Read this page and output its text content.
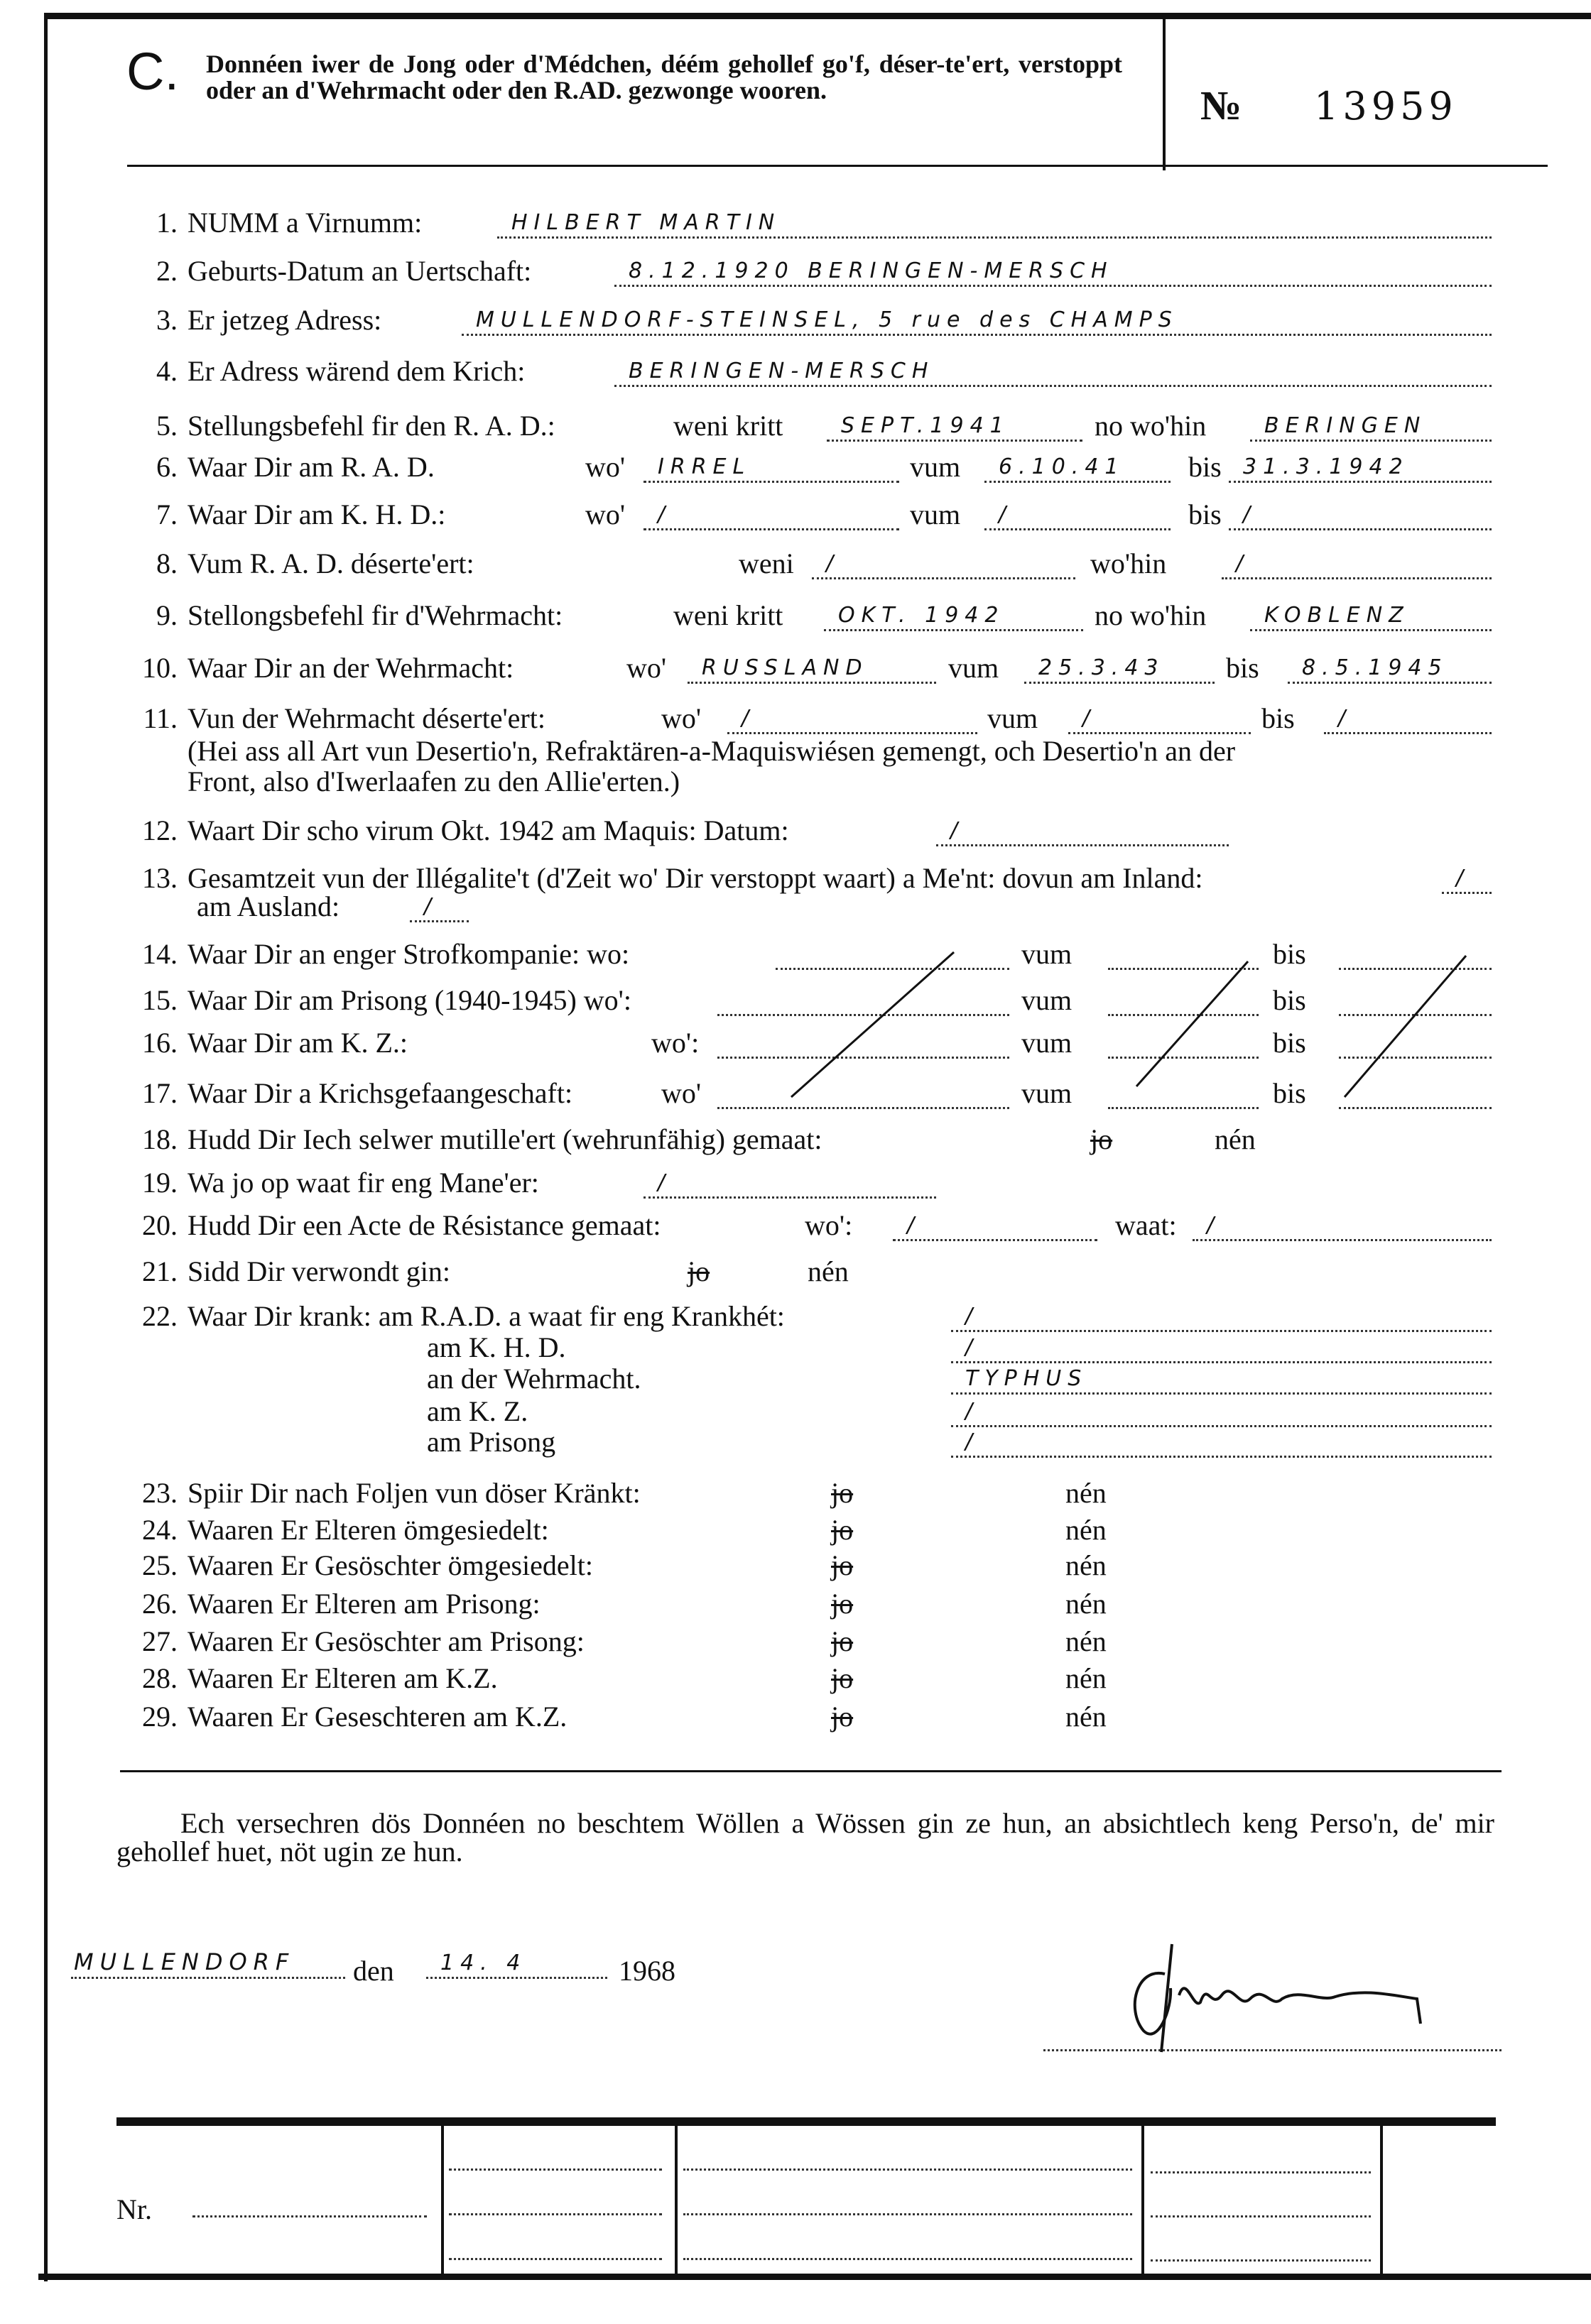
C. Donnéen iwer de Jong oder d'Médchen, déém gehollef go'f, déser-te'ert, verstoppt oder an d'Wehrmacht oder den R.AD. gezwonge wooren.	№ 13959
1. NUMM a Virnumm:	HILBERT MARTIN
2. Geburts-Datum an Uertschaft:	8.12.1920 BERINGEN-MERSCH
3. Er jetzeg Adress:	MULLENDORF-STEINSEL, 5 rue des CHAMPS
4. Er Adress wärend dem Krich:	BERINGEN-MERSCH
5. Stellungsbefehl fir den R. A. D.:	weni kritt	SEPT.1941	no wo'hin	BERINGEN
6. Waar Dir am R. A. D.	wo' IRREL	vum 6.10.41 bis 31.3.1942
7. Waar Dir am K. H. D.:	wo' /	vum /	bis /
8. Vum R. A. D. déserte'ert:	weni /	wo'hin	/
9. Stellongsbefehl fir d'Wehrmacht:	weni kritt	OKT. 1942	no wo'hin	KOBLENZ
10. Waar Dir an der Wehrmacht:	wo' RUSSLAND	vum 25.3.43 bis 8.5.1945
11. Vun der Wehrmacht déserte'ert:	wo' /	vum /	bis /
(Hei ass all Art vun Desertio'n, Refraktären-a-Maquiswiésen gemengt, och Desertio'n an der
Front, also d'Iwerlaafen zu den Allie'erten.)
12. Waart Dir scho virum Okt. 1942 am Maquis: Datum:	/
13. Gesamtzeit vun der Illégalite't (d'Zeit wo' Dir verstoppt waart) a Me'nt: dovun am Inland:	/
am Ausland:	/
14. Waar Dir an enger Strofkompanie: wo:	vum	bis
15. Waar Dir am Prisong (1940-1945) wo':	vum	bis
16. Waar Dir am K. Z.:	wo':	vum	bis
17. Waar Dir a Krichsgefaangeschaft:	wo'	vum	bis
18. Hudd Dir Iech selwer mutille'ert (wehrunfähig) gemaat:	jo	nén
19. Wa jo op waat fir eng Mane'er:	/
20. Hudd Dir een Acte de Résistance gemaat:	wo':	/	waat: /
21. Sidd Dir verwondt gin:	jo	nén
22. Waar Dir krank: am R.A.D. a waat fir eng Krankhét:	/
am K. H. D.	/
an der Wehrmacht.	TYPHUS
am K. Z.	/
am Prisong	/
23. Spiir Dir nach Foljen vun döser Kränkt:	jo	nén
24. Waaren Er Elteren ömgesiedelt:	jo	nén
25. Waaren Er Gesöschter ömgesiedelt:	jo	nén
26. Waaren Er Elteren am Prisong:	jo	nén
27. Waaren Er Gesöschter am Prisong:	jo	nén
28. Waaren Er Elteren am K.Z.	jo	nén
29. Waaren Er Geseschteren am K.Z.	jo	nén
Ech versechren dös Donnéen no beschtem Wöllen a Wössen gin ze hun, an absichtlech keng Perso'n, de' mir gehollef huet, nöt ugin ze hun.
MULLENDORF den 14. 4	1968
Nr.
